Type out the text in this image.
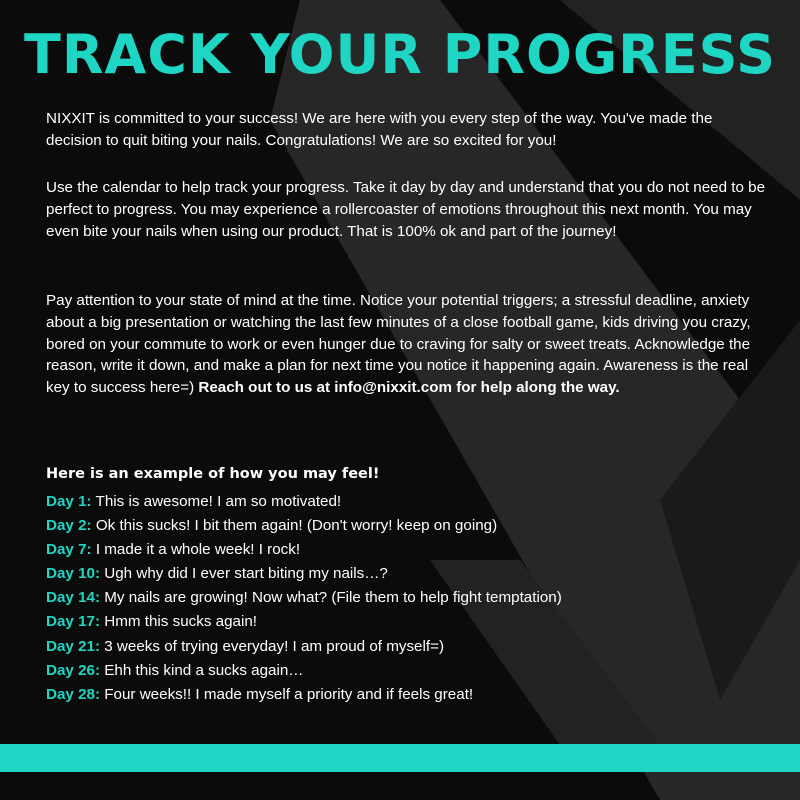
TRACK YOUR PROGRESS

NIXXIT is committed to your success! We are here with you every step of the way. You've made the decision to quit biting your nails. Congratulations! We are so excited for you!

Use the calendar to help track your progress. Take it day by day and understand that you do not need to be perfect to progress. You may experience a rollercoaster of emotions throughout this next month. You may even bite your nails when using our product. That is 100% ok and part of the journey!

Pay attention to your state of mind at the time. Notice your potential triggers; a stressful deadline, anxiety about a big presentation or watching the last few minutes of a close football game, kids driving you crazy, bored on your commute to work or even hunger due to craving for salty or sweet treats. Acknowledge the reason, write it down, and make a plan for next time you notice it happening again. Awareness is the real key to success here=) Reach out to us at info@nixxit.com for help along the way.

Here is an example of how you may feel!
Day 1: This is awesome! I am so motivated!
Day 2: Ok this sucks! I bit them again! (Don't worry! keep on going)
Day 7: I made it a whole week! I rock!
Day 10: Ugh why did I ever start biting my nails…?
Day 14: My nails are growing! Now what? (File them to help fight temptation)
Day 17: Hmm this sucks again!
Day 21: 3 weeks of trying everyday! I am proud of myself=)
Day 26: Ehh this kind a sucks again…
Day 28: Four weeks!! I made myself a priority and if feels great!
